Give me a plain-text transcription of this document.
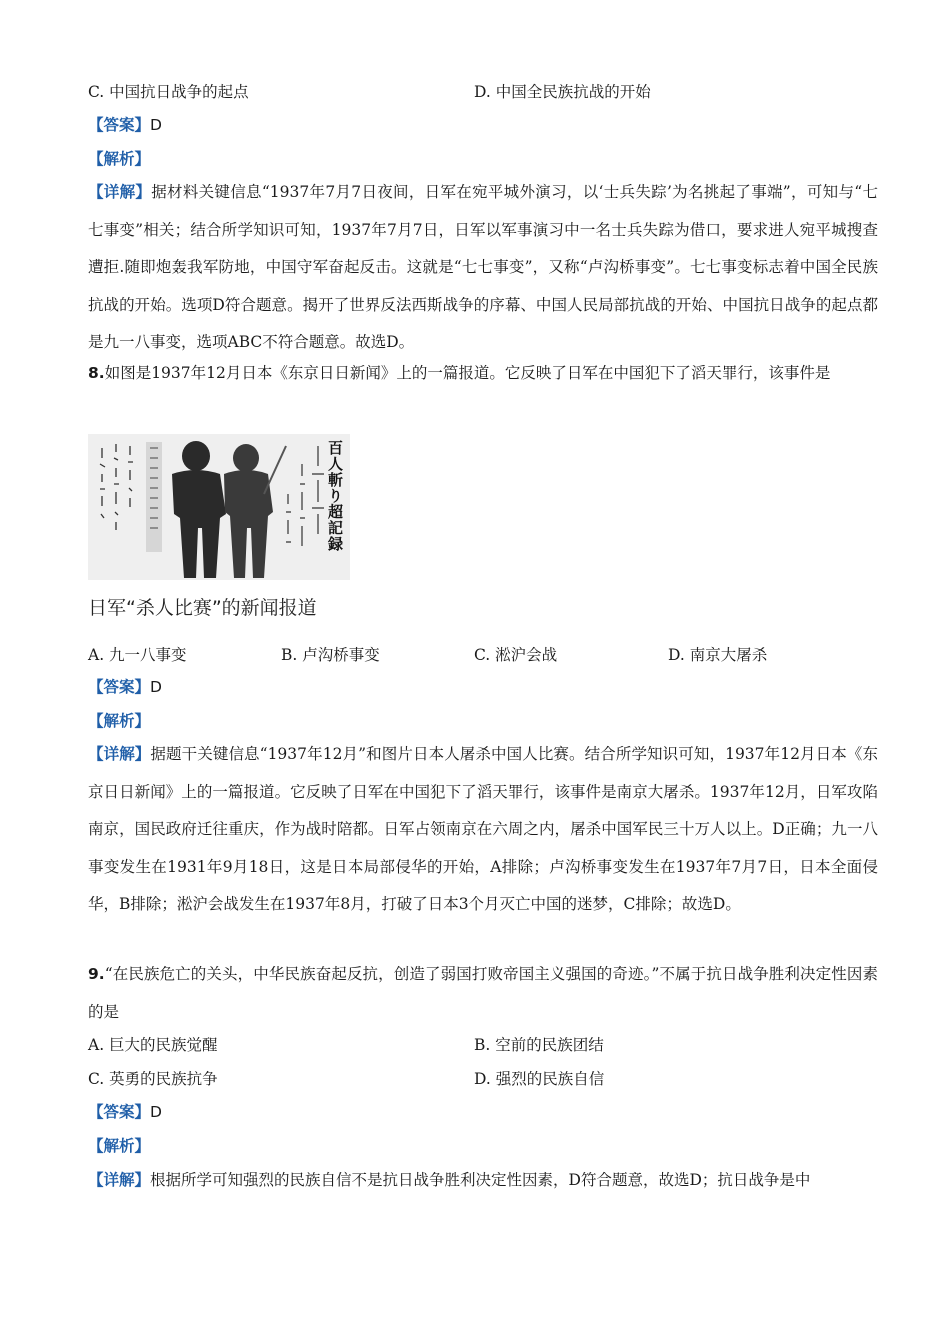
C. 中国抗日战争的起点	D. 中国全民族抗战的开始
【答案】D
【解析】
【详解】据材料关键信息“1937年7月7日夜间，日军在宛平城外演习，以‘士兵失踪’为名挑起了事端”，可知与“七七事变”相关；结合所学知识可知，1937年7月7日，日军以军事演习中一名士兵失踪为借口，要求进人宛平城搜查遭拒.随即炮轰我军防地，中国守军奋起反击。这就是“七七事变”，又称“卢沟桥事变”。七七事变标志着中国全民族抗战的开始。选项D符合题意。揭开了世界反法西斯战争的序幕、中国人民局部抗战的开始、中国抗日战争的起点都是九一八事变，选项ABC不符合题意。故选D。
8.如图是1937年12月日本《东京日日新闻》上的一篇报道。它反映了日军在中国犯下了滔天罪行，该事件是
百人斬り超記録
日军“杀人比赛”的新闻报道
A. 九一八事变	B. 卢沟桥事变	C. 淞沪会战	D. 南京大屠杀
【答案】D
【解析】
【详解】据题干关键信息“1937年12月”和图片日本人屠杀中国人比赛。结合所学知识可知，1937年12月日本《东京日日新闻》上的一篇报道。它反映了日军在中国犯下了滔天罪行，该事件是南京大屠杀。1937年12月，日军攻陷南京，国民政府迁往重庆，作为战时陪都。日军占领南京在六周之内，屠杀中国军民三十万人以上。D正确；九一八事变发生在1931年9月18日，这是日本局部侵华的开始，A排除；卢沟桥事变发生在1937年7月7日，日本全面侵华，B排除；淞沪会战发生在1937年8月，打破了日本3个月灭亡中国的迷梦，C排除；故选D。
9.“在民族危亡的关头，中华民族奋起反抗，创造了弱国打败帝国主义强国的奇迹。”不属于抗日战争胜利决定性因素的是
A. 巨大的民族觉醒	B. 空前的民族团结
C. 英勇的民族抗争	D. 强烈的民族自信
【答案】D
【解析】
【详解】根据所学可知强烈的民族自信不是抗日战争胜利决定性因素，D符合题意，故选D；抗日战争是中
